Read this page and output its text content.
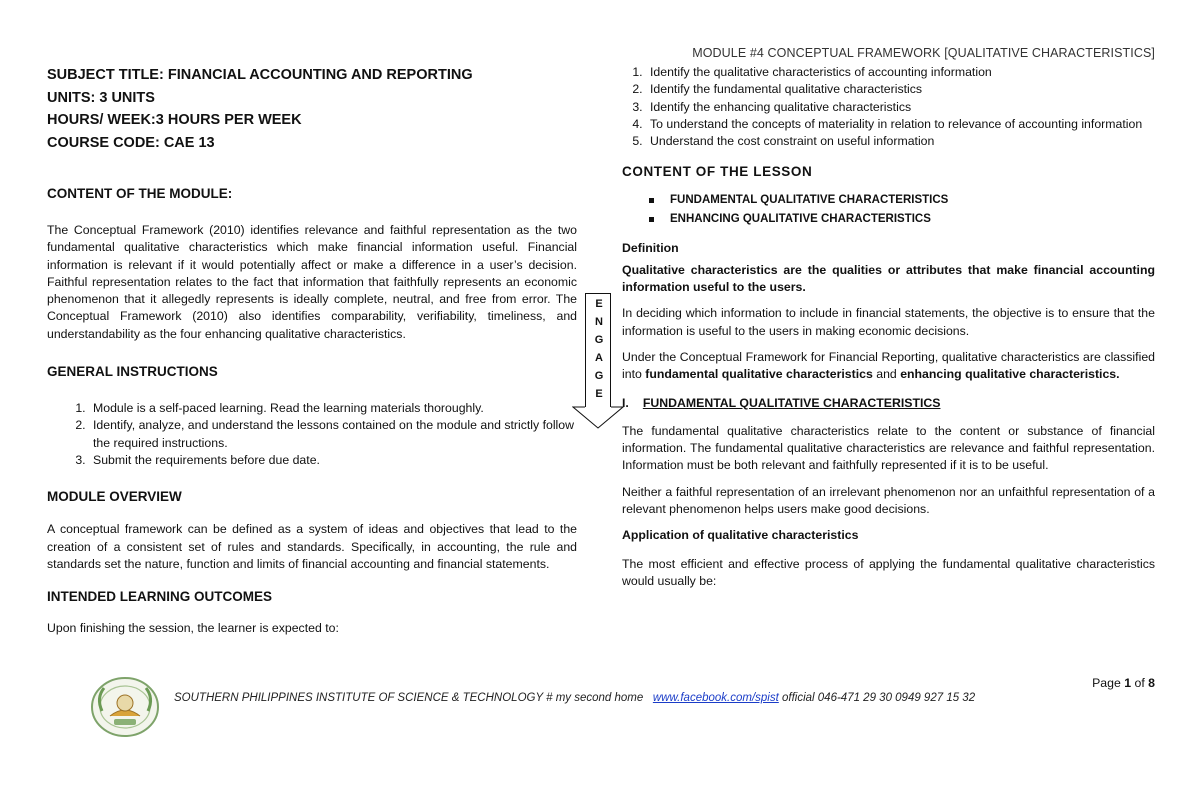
MODULE #4 CONCEPTUAL FRAMEWORK [QUALITATIVE CHARACTERISTICS]
SUBJECT TITLE: FINANCIAL ACCOUNTING AND REPORTING
UNITS: 3 UNITS
HOURS/ WEEK:3 HOURS PER WEEK
COURSE CODE: CAE 13
CONTENT OF THE MODULE:

The Conceptual Framework (2010) identifies relevance and faithful representation as the two fundamental qualitative characteristics which make financial information useful. Financial information is relevant if it would potentially affect or make a difference in a user’s decision. Faithful representation relates to the fact that information that faithfully represents an economic phenomenon that it allegedly represents is ideally complete, neutral, and free from error. The Conceptual Framework (2010) also identifies comparability, verifiability, timeliness, and understandability as the four enhancing qualitative characteristics.

GENERAL INSTRUCTIONS
1. Module is a self-paced learning. Read the learning materials thoroughly.
2. Identify, analyze, and understand the lessons contained on the module and strictly follow the required instructions.
3. Submit the requirements before due date.
MODULE OVERVIEW

A conceptual framework can be defined as a system of ideas and objectives that lead to the creation of a consistent set of rules and standards. Specifically, in accounting, the rule and standards set the nature, function and limits of financial accounting and financial statements.

INTENDED LEARNING OUTCOMES

Upon finishing the session, the learner is expected to:

E
N
G
A
G
E
1. Identify the qualitative characteristics of accounting information
2. Identify the fundamental qualitative characteristics
3. Identify the enhancing qualitative characteristics
4. To understand the concepts of materiality in relation to relevance of accounting information
5. Understand the cost constraint on useful information
CONTENT OF THE LESSON
FUNDAMENTAL QUALITATIVE CHARACTERISTICS
ENHANCING QUALITATIVE CHARACTERISTICS
Definition

Qualitative characteristics are the qualities or attributes that make financial accounting information useful to the users.

In deciding which information to include in financial statements, the objective is to ensure that the information is useful to the users in making economic decisions.

Under the Conceptual Framework for Financial Reporting, qualitative characteristics are classified into fundamental qualitative characteristics and enhancing qualitative characteristics.

I. FUNDAMENTAL QUALITATIVE CHARACTERISTICS

The fundamental qualitative characteristics relate to the content or substance of financial information. The fundamental qualitative characteristics are relevance and faithful representation. Information must be both relevant and faithfully represented if it is to be useful.

Neither a faithful representation of an irrelevant phenomenon nor an unfaithful representation of a relevant phenomenon helps users make good decisions.

Application of qualitative characteristics

The most efficient and effective process of applying the fundamental qualitative characteristics would usually be:

Page 1 of 8
SOUTHERN PHILIPPINES INSTITUTE OF SCIENCE & TECHNOLOGY # my second home www.facebook.com/spist official 046-471 29 30 0949 927 15 32
